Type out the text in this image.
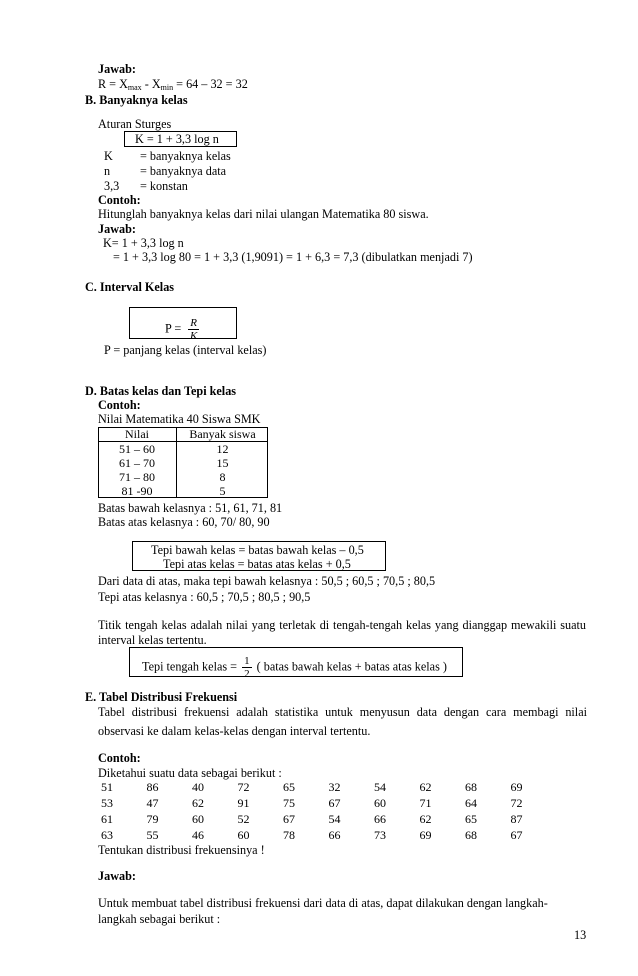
Jawab:
$R = X_{max} - X_{min} = 64 - 32 = 32$
B. Banyaknya kelas
Aturan Sturges
K = 1 + 3,3 log n
K = banyaknya kelas
n = banyaknya data
3,3 = konstan
Contoh:
Hitunglah banyaknya kelas dari nilai ulangan Matematika 80 siswa.
Jawab:
K= 1 + 3,3 log n
= 1 + 3,3 log 80 = 1 + 3,3 (1,9091) = 1 + 6,3 = 7,3 (dibulatkan menjadi 7)
C. Interval Kelas
$P = \frac{R}{K}$
P = panjang kelas (interval kelas)
D. Batas kelas dan Tepi kelas
Contoh:
Nilai Matematika 40 Siswa SMK
Nilai	Banyak siswa
51 – 60	12
61 – 70	15
71 – 80	8
81 -90	5
Batas bawah kelasnya : 51, 61, 71, 81
Batas atas kelasnya : 60, 70/ 80, 90
Tepi bawah kelas = batas bawah kelas – 0,5
Tepi atas kelas = batas atas kelas + 0,5
Dari data di atas, maka tepi bawah kelasnya : 50,5 ; 60,5 ; 70,5 ; 80,5
Tepi atas kelasnya : 60,5 ; 70,5 ; 80,5 ; 90,5
Titik tengah kelas adalah nilai yang terletak di tengah-tengah kelas yang dianggap mewakili suatu
interval kelas tertentu.
Tepi tengah kelas = $\frac{1}{2}$ ( batas bawah kelas + batas atas kelas )
E. Tabel Distribusi Frekuensi
Tabel distribusi frekuensi adalah statistika untuk menyusun data dengan cara membagi nilai
observasi ke dalam kelas-kelas dengan interval tertentu.
Contoh:
Diketahui suatu data sebagai berikut :
51	86	40	72	65	32	54	62	68	69
53	47	62	91	75	67	60	71	64	72
61	79	60	52	67	54	66	62	65	87
63	55	46	60	78	66	73	69	68	67
Tentukan distribusi frekuensinya !
Jawab:
Untuk membuat tabel distribusi frekuensi dari data di atas, dapat dilakukan dengan langkah-
langkah sebagai berikut :
13
